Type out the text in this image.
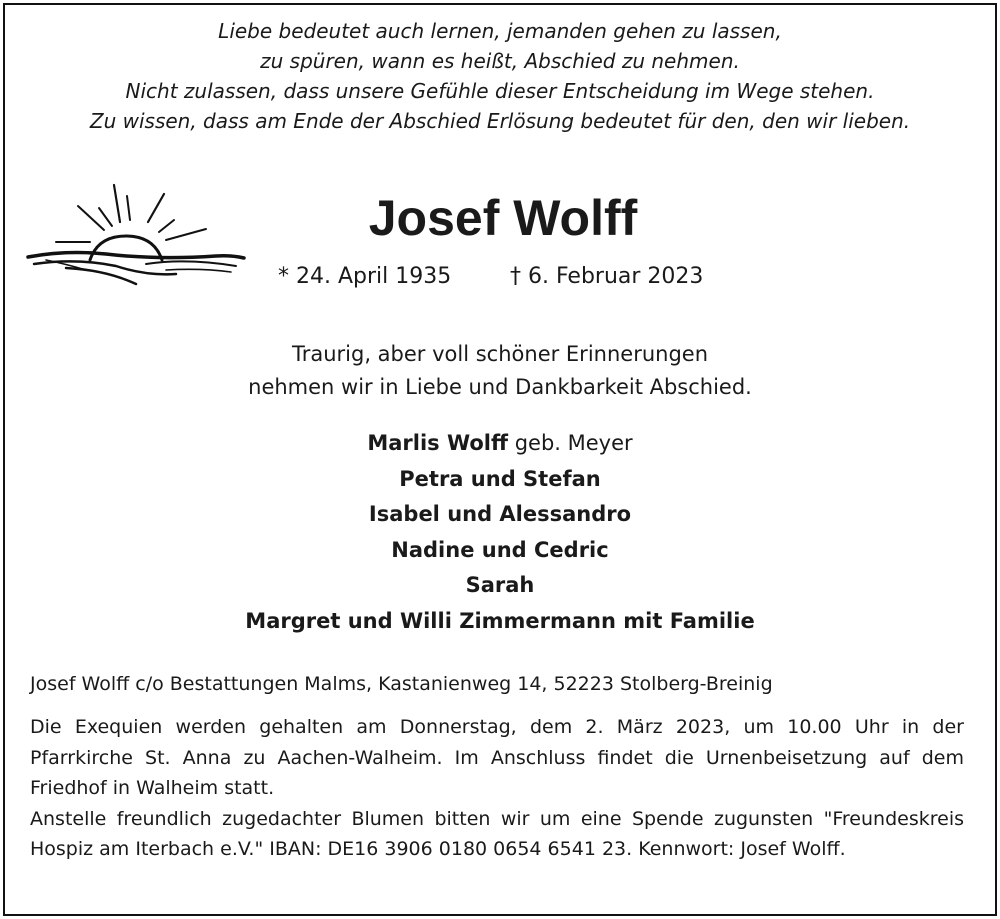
Liebe bedeutet auch lernen, jemanden gehen zu lassen,
zu spüren, wann es heißt, Abschied zu nehmen.
Nicht zulassen, dass unsere Gefühle dieser Entscheidung im Wege stehen.
Zu wissen, dass am Ende der Abschied Erlösung bedeutet für den, den wir lieben.
Josef Wolff
* 24. April 1935	† 6. Februar 2023
Traurig, aber voll schöner Erinnerungen
nehmen wir in Liebe und Dankbarkeit Abschied.
Marlis Wolff geb. Meyer
Petra und Stefan
Isabel und Alessandro
Nadine und Cedric
Sarah
Margret und Willi Zimmermann mit Familie
Josef Wolff c/o Bestattungen Malms, Kastanienweg 14, 52223 Stolberg-Breinig

Die Exequien werden gehalten am Donnerstag, dem 2. März 2023, um 10.00 Uhr in der Pfarrkirche St. Anna zu Aachen-Walheim. Im Anschluss findet die Urnenbeisetzung auf dem Friedhof in Walheim statt.

Anstelle freundlich zugedachter Blumen bitten wir um eine Spende zugunsten "Freundeskreis Hospiz am Iterbach e.V." IBAN: DE16 3906 0180 0654 6541 23. Kennwort: Josef Wolff.
